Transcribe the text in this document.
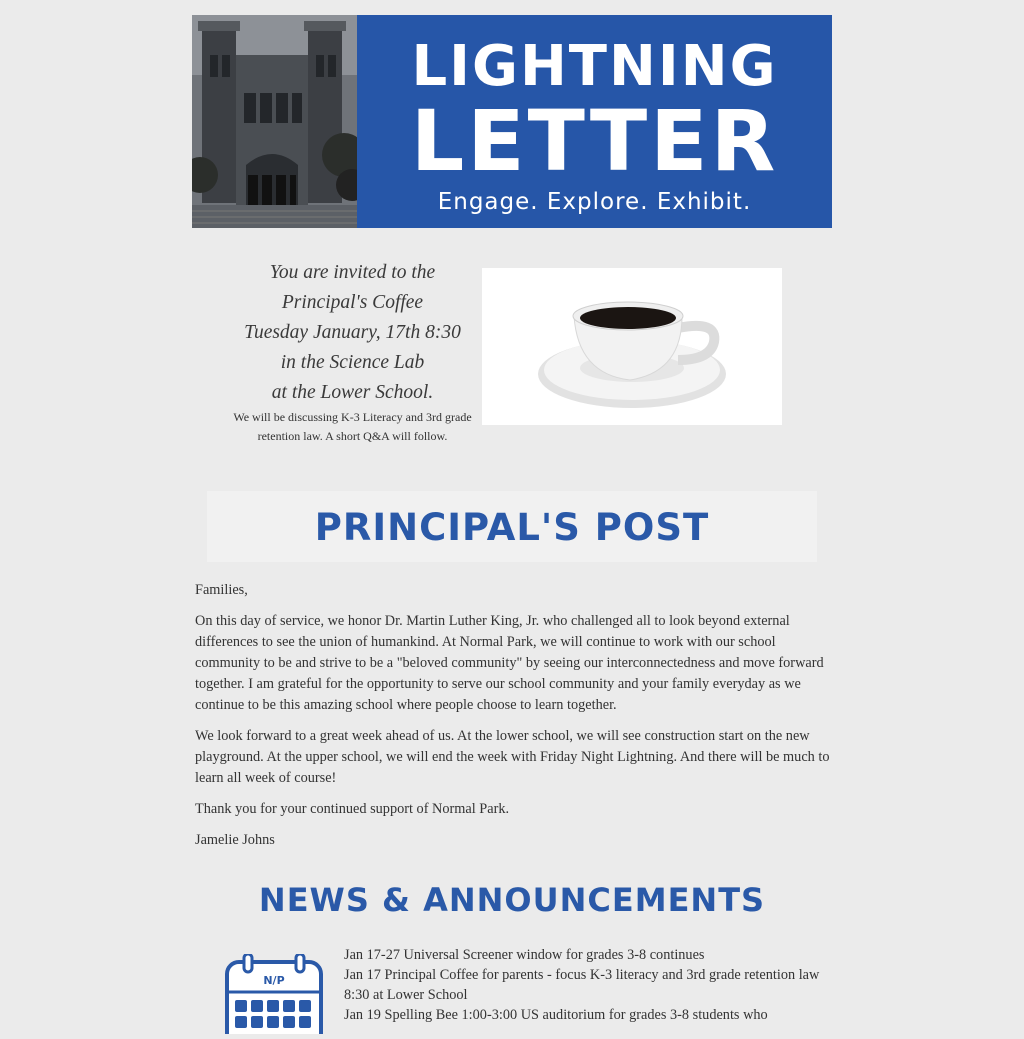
LIGHTNING
LETTER
Engage. Explore. Exhibit.
You are invited to the
Principal's Coffee
Tuesday January, 17th 8:30
in the Science Lab
at the Lower School.
We will be discussing K-3 Literacy and 3rd grade retention law. A short Q&A will follow.
PRINCIPAL'S POST

Families,

On this day of service, we honor Dr. Martin Luther King, Jr. who challenged all to look beyond external differences to see the union of humankind. At Normal Park, we will continue to work with our school community to be and strive to be a "beloved community" by seeing our interconnectedness and move forward together. I am grateful for the opportunity to serve our school community and your family everyday as we continue to be this amazing school where people choose to learn together.

We look forward to a great week ahead of us. At the lower school, we will see construction start on the new playground. At the upper school, we will end the week with Friday Night Lightning. And there will be much to learn all week of course!

Thank you for your continued support of Normal Park.

Jamelie Johns

NEWS & ANNOUNCEMENTS
N/P
Jan 17-27 Universal Screener window for grades 3-8 continues
Jan 17 Principal Coffee for parents - focus K-3 literacy and 3rd grade retention law 8:30 at Lower School
Jan 19 Spelling Bee 1:00-3:00 US auditorium for grades 3-8 students who
